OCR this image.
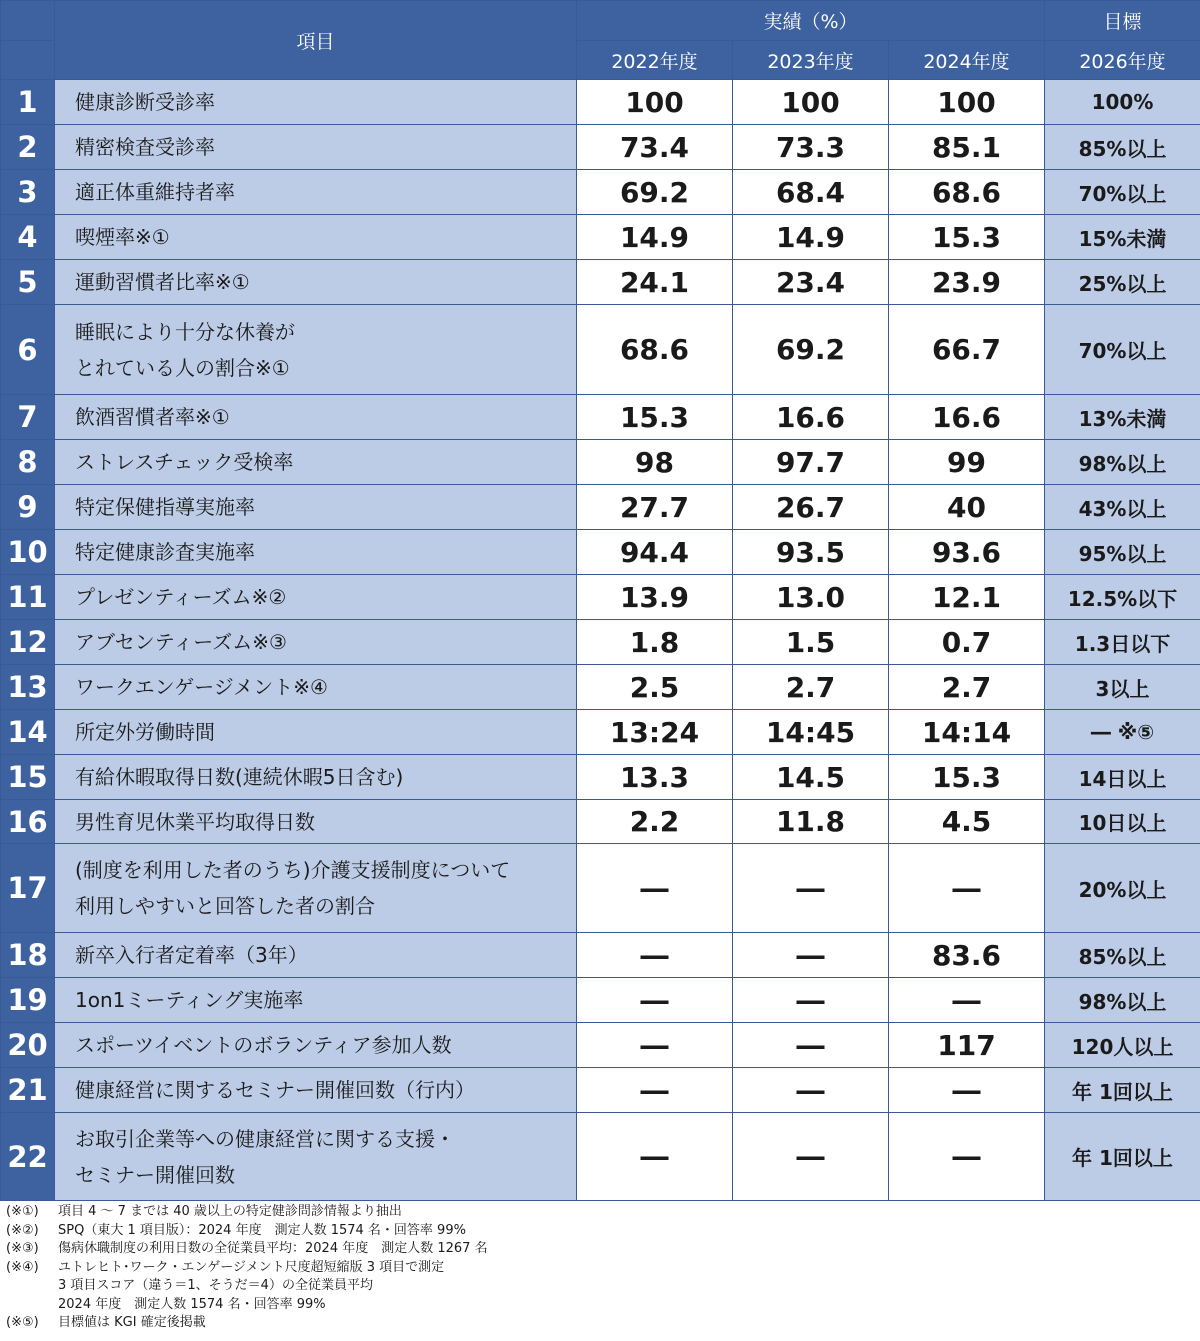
	項目	実績（%）			目標
		2022年度	2023年度	2024年度	2026年度
1	健康診断受診率	100	100	100	100%
2	精密検査受診率	73.4	73.3	85.1	85%以上
3	適正体重維持者率	69.2	68.4	68.6	70%以上
4	喫煙率※①	14.9	14.9	15.3	15%未満
5	運動習慣者比率※①	24.1	23.4	23.9	25%以上
6	睡眠により十分な休養が
とれている人の割合※①	68.6	69.2	66.7	70%以上
7	飲酒習慣者率※①	15.3	16.6	16.6	13%未満
8	ストレスチェック受検率	98	97.7	99	98%以上
9	特定保健指導実施率	27.7	26.7	40	43%以上
10	特定健康診査実施率	94.4	93.5	93.6	95%以上
11	プレゼンティーズム※②	13.9	13.0	12.1	12.5%以下
12	アブセンティーズム※③	1.8	1.5	0.7	1.3日以下
13	ワークエンゲージメント※④	2.5	2.7	2.7	3以上
14	所定外労働時間	13:24	14:45	14:14	― ※⑤
15	有給休暇取得日数(連続休暇5日含む)	13.3	14.5	15.3	14日以上
16	男性育児休業平均取得日数	2.2	11.8	4.5	10日以上
17	(制度を利用した者のうち)介護支援制度について
利用しやすいと回答した者の割合	―	―	―	20%以上
18	新卒入行者定着率（3年）	―	―	83.6	85%以上
19	1on1ミーティング実施率	―	―	―	98%以上
20	スポーツイベントのボランティア参加人数	―	―	117	120人以上
21	健康経営に関するセミナー開催回数（行内）	―	―	―	年 1回以上
22	お取引企業等への健康経営に関する支援・
セミナー開催回数	―	―	―	年 1回以上
(※①)	項目 4 ～ 7 までは 40 歳以上の特定健診問診情報より抽出
(※②)	SPQ（東大 1 項目版）：2024 年度　測定人数 1574 名・回答率 99%
(※③)	傷病休職制度の利用日数の全従業員平均：2024 年度　測定人数 1267 名
(※④)	ユトレヒト･ワーク・エンゲージメント尺度超短縮版 3 項目で測定
3 項目スコア（違う＝1、そうだ＝4）の全従業員平均
2024 年度　測定人数 1574 名・回答率 99%
(※⑤)	目標値は KGI 確定後掲載
